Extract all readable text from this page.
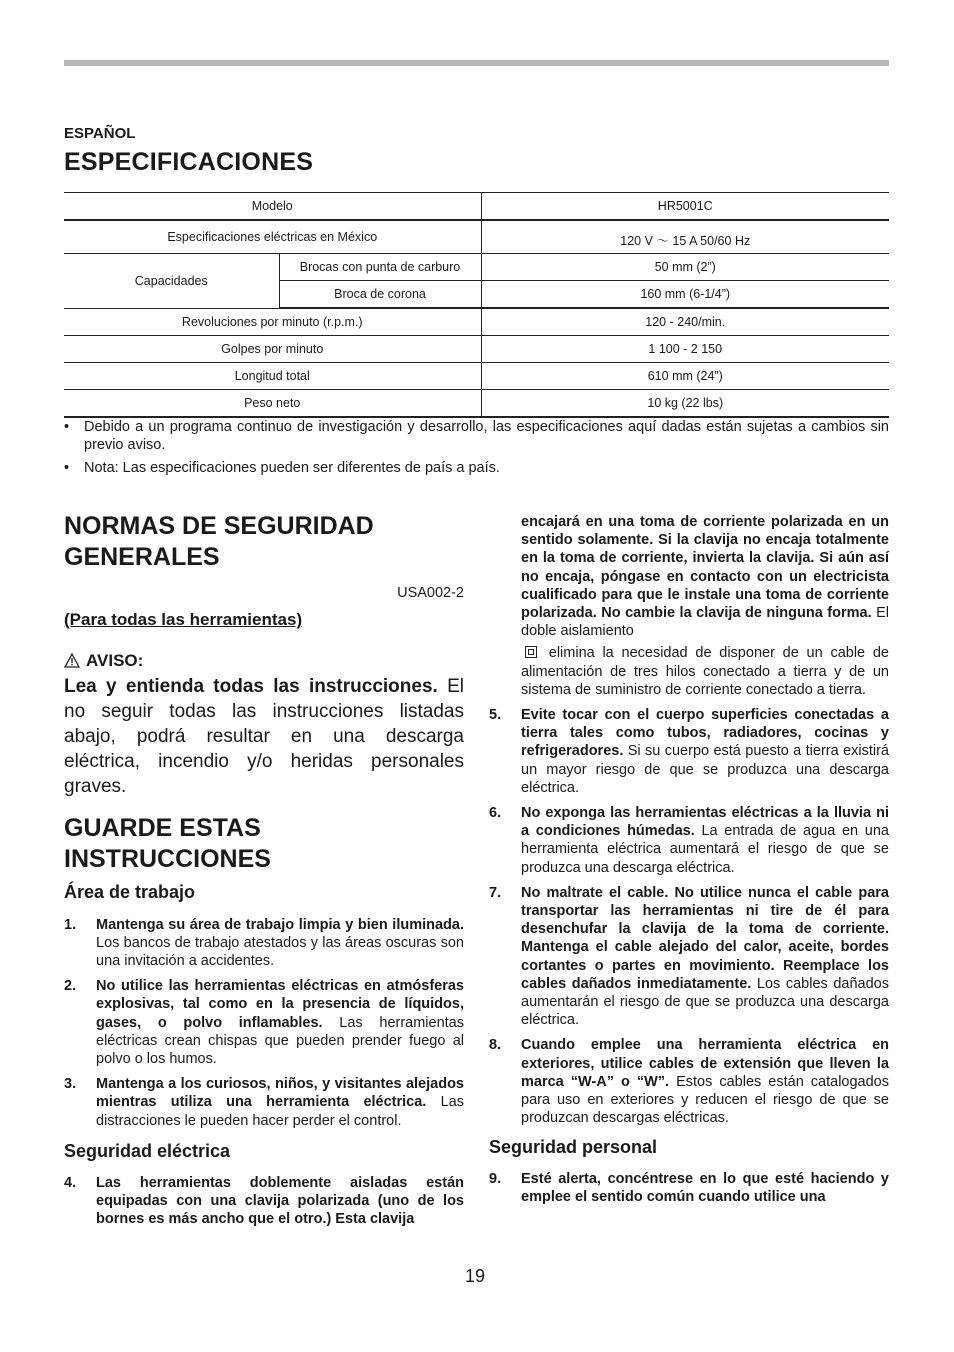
ESPAÑOL
ESPECIFICACIONES
Modelo		HR5001C
Especificaciones eléctricas en México		120 V ～ 15 A 50/60 Hz
Capacidades	Brocas con punta de carburo	50 mm (2”)
	Broca de corona	160 mm (6-1/4”)
Revoluciones por minuto (r.p.m.)		120 - 240/min.
Golpes por minuto		1 100 - 2 150
Longitud total		610 mm (24”)
Peso neto		10 kg (22 lbs)
•	Debido a un programa continuo de investigación y desarrollo, las especificaciones aquí dadas están sujetas a cambios sin previo aviso.
•	Nota: Las especificaciones pueden ser diferentes de país a país.
NORMAS DE SEGURIDAD
GENERALES
USA002-2
(Para todas las herramientas)
AVISO:
Lea y entienda todas las instrucciones. El no seguir todas las instrucciones listadas abajo, podrá resultar en una descarga eléctrica, incendio y/o heridas personales graves.
GUARDE ESTAS
INSTRUCCIONES
Área de trabajo
1. Mantenga su área de trabajo limpia y bien iluminada. Los bancos de trabajo atestados y las áreas oscuras son una invitación a accidentes.
2. No utilice las herramientas eléctricas en atmósferas explosivas, tal como en la presencia de líquidos, gases, o polvo inflamables. Las herramientas eléctricas crean chispas que pueden prender fuego al polvo o los humos.
3. Mantenga a los curiosos, niños, y visitantes alejados mientras utiliza una herramienta eléctrica. Las distracciones le pueden hacer perder el control.
Seguridad eléctrica
4. Las herramientas doblemente aisladas están equipadas con una clavija polarizada (uno de los bornes es más ancho que el otro.) Esta clavija
encajará en una toma de corriente polarizada en un sentido solamente. Si la clavija no encaja totalmente en la toma de corriente, invierta la clavija. Si aún así no encaja, póngase en contacto con un electricista cualificado para que le instale una toma de corriente polarizada. No cambie la clavija de ninguna forma. El doble aislamiento
elimina la necesidad de disponer de un cable de alimentación de tres hilos conectado a tierra y de un sistema de suministro de corriente conectado a tierra.
5. Evite tocar con el cuerpo superficies conectadas a tierra tales como tubos, radiadores, cocinas y refrigeradores. Si su cuerpo está puesto a tierra existirá un mayor riesgo de que se produzca una descarga eléctrica.
6. No exponga las herramientas eléctricas a la lluvia ni a condiciones húmedas. La entrada de agua en una herramienta eléctrica aumentará el riesgo de que se produzca una descarga eléctrica.
7. No maltrate el cable. No utilice nunca el cable para transportar las herramientas ni tire de él para desenchufar la clavija de la toma de corriente. Mantenga el cable alejado del calor, aceite, bordes cortantes o partes en movimiento. Reemplace los cables dañados inmediatamente. Los cables dañados aumentarán el riesgo de que se produzca una descarga eléctrica.
8. Cuando emplee una herramienta eléctrica en exteriores, utilice cables de extensión que lleven la marca “W-A” o “W”. Estos cables están catalogados para uso en exteriores y reducen el riesgo de que se produzcan descargas eléctricas.
Seguridad personal
9. Esté alerta, concéntrese en lo que esté haciendo y emplee el sentido común cuando utilice una
19
